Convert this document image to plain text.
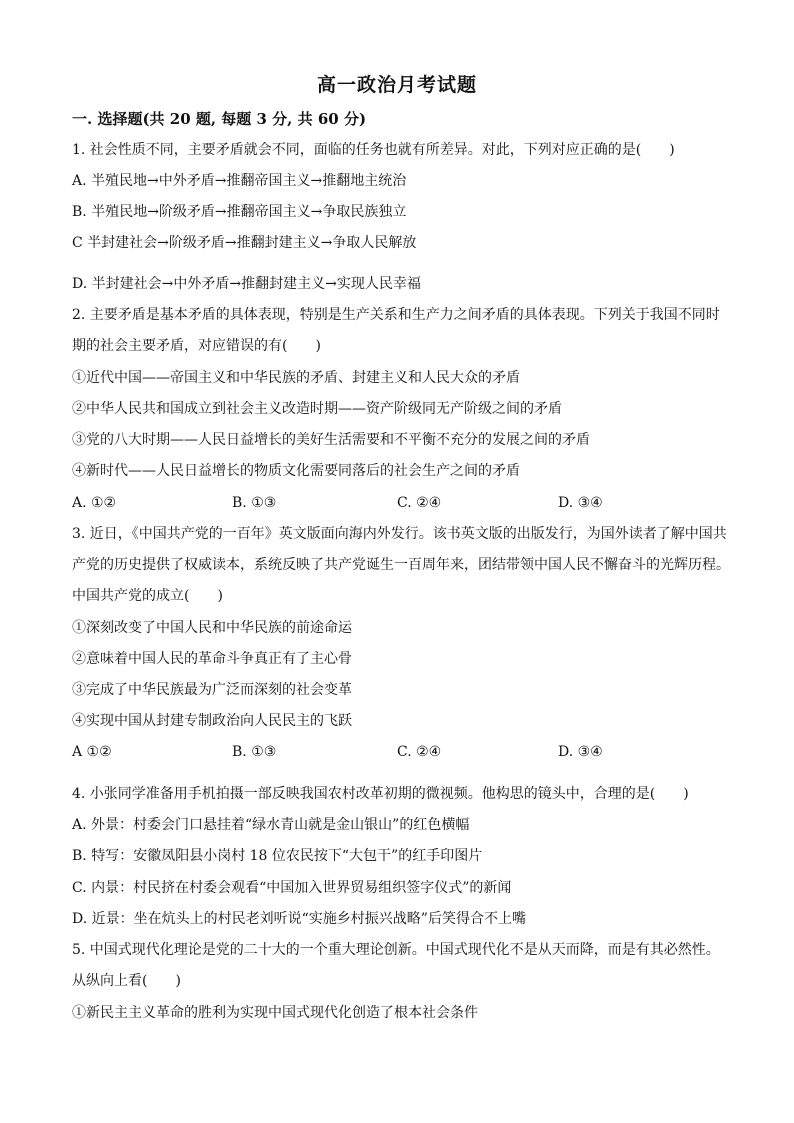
高一政治月考试题
一. 选择题(共 20 题, 每题 3 分, 共 60 分)
1. 社会性质不同，主要矛盾就会不同，面临的任务也就有所差异。对此，下列对应正确的是(　　)
A. 半殖民地→中外矛盾→推翻帝国主义→推翻地主统治
B. 半殖民地→阶级矛盾→推翻帝国主义→争取民族独立
C 半封建社会→阶级矛盾→推翻封建主义→争取人民解放
D. 半封建社会→中外矛盾→推翻封建主义→实现人民幸福
2. 主要矛盾是基本矛盾的具体表现，特别是生产关系和生产力之间矛盾的具体表现。下列关于我国不同时
期的社会主要矛盾，对应错误的有(　　)
①近代中国——帝国主义和中华民族的矛盾、封建主义和人民大众的矛盾
②中华人民共和国成立到社会主义改造时期——资产阶级同无产阶级之间的矛盾
③党的八大时期——人民日益增长的美好生活需要和不平衡不充分的发展之间的矛盾
④新时代——人民日益增长的物质文化需要同落后的社会生产之间的矛盾
A. ①②	B. ①③	C. ②④	D. ③④
3. 近日，《中国共产党的一百年》英文版面向海内外发行。该书英文版的出版发行，为国外读者了解中国共
产党的历史提供了权威读本，系统反映了共产党诞生一百周年来，团结带领中国人民不懈奋斗的光辉历程。
中国共产党的成立(　　)
①深刻改变了中国人民和中华民族的前途命运
②意味着中国人民的革命斗争真正有了主心骨
③完成了中华民族最为广泛而深刻的社会变革
④实现中国从封建专制政治向人民民主的飞跃
A ①②	B. ①③	C. ②④	D. ③④
4. 小张同学准备用手机拍摄一部反映我国农村改革初期的微视频。他构思的镜头中，合理的是(　　)
A. 外景：村委会门口悬挂着“绿水青山就是金山银山”的红色横幅
B. 特写：安徽凤阳县小岗村 18 位农民按下“大包干”的红手印图片
C. 内景：村民挤在村委会观看“中国加入世界贸易组织签字仪式”的新闻
D. 近景：坐在炕头上的村民老刘听说“实施乡村振兴战略”后笑得合不上嘴
5. 中国式现代化理论是党的二十大的一个重大理论创新。中国式现代化不是从天而降，而是有其必然性。
从纵向上看(　　)
①新民主主义革命的胜利为实现中国式现代化创造了根本社会条件
